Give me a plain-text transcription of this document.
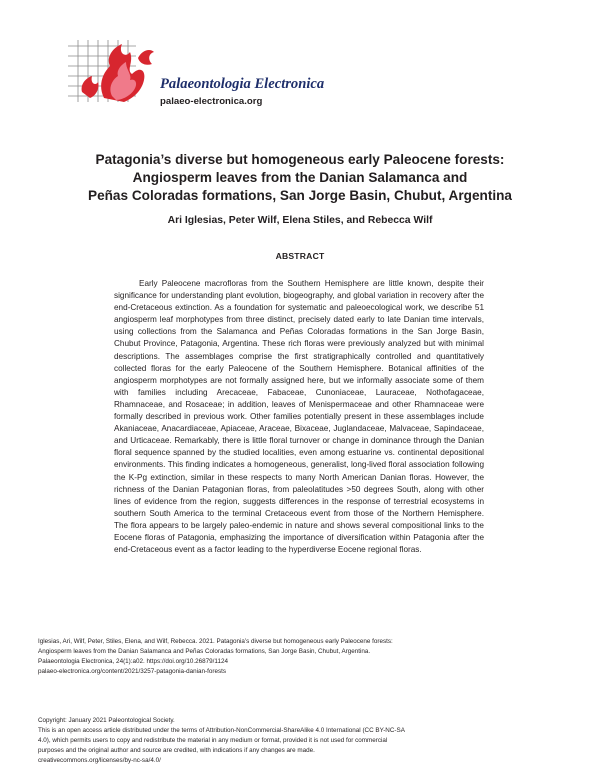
Palaeontologia Electronica
palaeo-electronica.org
Patagonia’s diverse but homogeneous early Paleocene forests:
Angiosperm leaves from the Danian Salamanca and
Peñas Coloradas formations, San Jorge Basin, Chubut, Argentina
Ari Iglesias, Peter Wilf, Elena Stiles, and Rebecca Wilf
ABSTRACT

Early Paleocene macrofloras from the Southern Hemisphere are little known, despite their significance for understanding plant evolution, biogeography, and global variation in recovery after the end-Cretaceous extinction. As a foundation for systematic and paleoecological work, we describe 51 angiosperm leaf morphotypes from three distinct, precisely dated early to late Danian time intervals, using collections from the Salamanca and Peñas Coloradas formations in the San Jorge Basin, Chubut Province, Patagonia, Argentina. These rich floras were previously analyzed but with minimal descriptions. The assemblages comprise the first stratigraphically controlled and quantitatively collected floras for the early Paleocene of the Southern Hemisphere. Botanical affinities of the angiosperm morphotypes are not formally assigned here, but we informally associate some of them with families including Arecaceae, Fabaceae, Cunoniaceae, Lauraceae, Nothofagaceae, Rhamnaceae, and Rosaceae; in addition, leaves of Menispermaceae and other Rhamnaceae were formally described in previous work. Other families potentially present in these assemblages include Akaniaceae, Anacardiaceae, Apiaceae, Araceae, Bixaceae, Juglandaceae, Malvaceae, Sapindaceae, and Urticaceae. Remarkably, there is little floral turnover or change in dominance through the Danian floral sequence spanned by the studied localities, even among estuarine vs. continental depositional environments. This finding indicates a homogeneous, generalist, long-lived floral association following the K-Pg extinction, similar in these respects to many North American Danian floras. However, the richness of the Danian Patagonian floras, from paleolatitudes >50 degrees South, along with other lines of evidence from the region, suggests differences in the response of terrestrial ecosystems in southern South America to the terminal Cretaceous event from those of the Northern Hemisphere. The flora appears to be largely paleo-endemic in nature and shows several compositional links to the Eocene floras of Patagonia, emphasizing the importance of diversification within Patagonia after the end-Cretaceous event as a factor leading to the hyperdiverse Eocene regional floras.

Iglesias, Ari, Wilf, Peter, Stiles, Elena, and Wilf, Rebecca. 2021. Patagonia’s diverse but homogeneous early Paleocene forests:
Angiosperm leaves from the Danian Salamanca and Peñas Coloradas formations, San Jorge Basin, Chubut, Argentina.
Palaeontologia Electronica, 24(1):a02. https://doi.org/10.26879/1124
palaeo-electronica.org/content/2021/3257-patagonia-danian-forests
Copyright: January 2021 Paleontological Society.
This is an open access article distributed under the terms of Attribution-NonCommercial-ShareAlike 4.0 International (CC BY-NC-SA
4.0), which permits users to copy and redistribute the material in any medium or format, provided it is not used for commercial
purposes and the original author and source are credited, with indications if any changes are made.
creativecommons.org/licenses/by-nc-sa/4.0/
